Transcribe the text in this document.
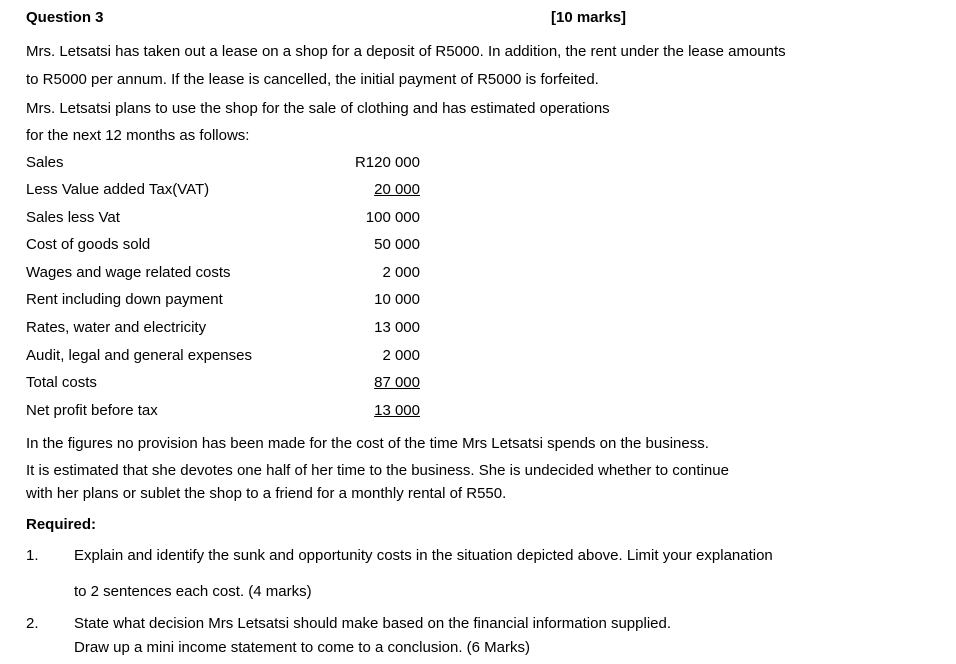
Question 3	[10 marks]
Mrs. Letsatsi has taken out a lease on a shop for a deposit of R5000. In addition, the rent under the lease amounts
to R5000 per annum. If the lease is cancelled, the initial payment of R5000 is forfeited.
Mrs. Letsatsi plans to use the shop for the sale of clothing and has estimated operations
for the next 12 months as follows:
Sales	R120 000
Less Value added Tax(VAT)	20 000
Sales less Vat	100 000
Cost of goods sold	50 000
Wages and wage related costs	2 000
Rent including down payment	10 000
Rates, water and electricity	13 000
Audit, legal and general expenses	2 000
Total costs	87 000
Net profit before tax	13 000
In the figures no provision has been made for the cost of the time Mrs Letsatsi spends on the business.
It is estimated that she devotes one half of her time to the business. She is undecided whether to continue
with her plans or sublet the shop to a friend for a monthly rental of R550.
Required:
1. Explain and identify the sunk and opportunity costs in the situation depicted above. Limit your explanation
to 2 sentences each cost. (4 marks)
2. State what decision Mrs Letsatsi should make based on the financial information supplied.
Draw up a mini income statement to come to a conclusion. (6 Marks)
